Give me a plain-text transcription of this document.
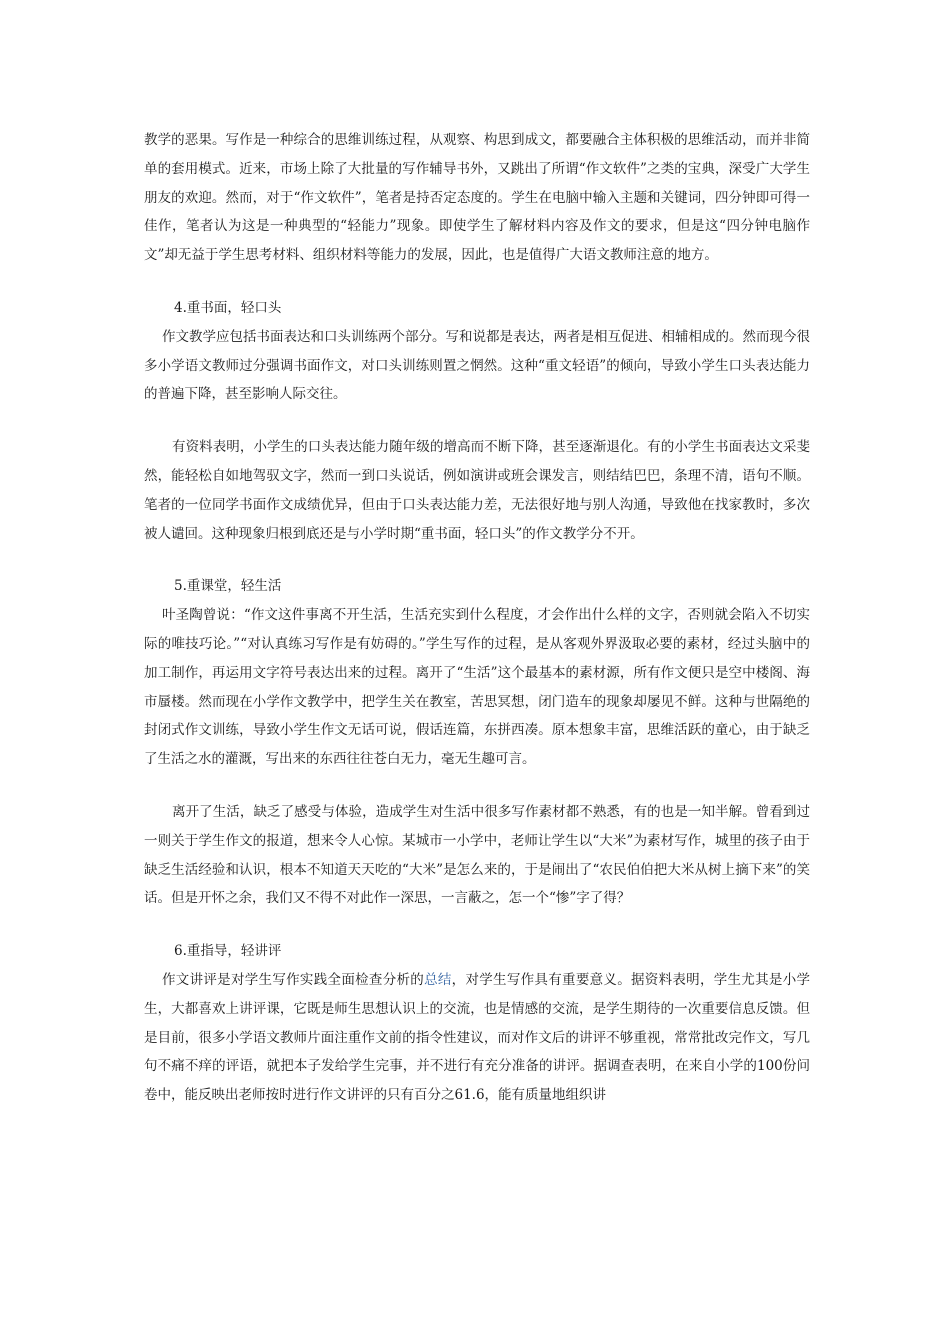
教学的恶果。写作是一种综合的思维训练过程，从观察、构思到成文，都要融合主体积极的思维活动，而并非简单的套用模式。近来，市场上除了大批量的写作辅导书外，又跳出了所谓“作文软件”之类的宝典，深受广大学生朋友的欢迎。然而，对于“作文软件”，笔者是持否定态度的。学生在电脑中输入主题和关键词，四分钟即可得一佳作，笔者认为这是一种典型的“轻能力”现象。即使学生了解材料内容及作文的要求，但是这“四分钟电脑作文”却无益于学生思考材料、组织材料等能力的发展，因此，也是值得广大语文教师注意的地方。

4.重书面，轻口头

作文教学应包括书面表达和口头训练两个部分。写和说都是表达，两者是相互促进、相辅相成的。然而现今很多小学语文教师过分强调书面作文，对口头训练则置之惘然。这种“重文轻语”的倾向，导致小学生口头表达能力的普遍下降，甚至影响人际交往。

有资料表明，小学生的口头表达能力随年级的增高而不断下降，甚至逐渐退化。有的小学生书面表达文采斐然，能轻松自如地驾驭文字，然而一到口头说话，例如演讲或班会课发言，则结结巴巴，条理不清，语句不顺。笔者的一位同学书面作文成绩优异，但由于口头表达能力差，无法很好地与别人沟通，导致他在找家教时，多次被人谴回。这种现象归根到底还是与小学时期“重书面，轻口头”的作文教学分不开。

5.重课堂，轻生活

叶圣陶曾说：“作文这件事离不开生活，生活充实到什么程度，才会作出什么样的文字，否则就会陷入不切实际的唯技巧论。”“对认真练习写作是有妨碍的。”学生写作的过程，是从客观外界汲取必要的素材，经过头脑中的加工制作，再运用文字符号表达出来的过程。离开了“生活”这个最基本的素材源，所有作文便只是空中楼阁、海市蜃楼。然而现在小学作文教学中，把学生关在教室，苦思冥想，闭门造车的现象却屡见不鲜。这种与世隔绝的封闭式作文训练，导致小学生作文无话可说，假话连篇，东拼西凑。原本想象丰富，思维活跃的童心，由于缺乏了生活之水的灌溉，写出来的东西往往苍白无力，毫无生趣可言。

离开了生活，缺乏了感受与体验，造成学生对生活中很多写作素材都不熟悉，有的也是一知半解。曾看到过一则关于学生作文的报道，想来令人心惊。某城市一小学中，老师让学生以“大米”为素材写作，城里的孩子由于缺乏生活经验和认识，根本不知道天天吃的“大米”是怎么来的，于是闹出了“农民伯伯把大米从树上摘下来”的笑话。但是开怀之余，我们又不得不对此作一深思，一言蔽之，怎一个“惨”字了得？

6.重指导，轻讲评

作文讲评是对学生写作实践全面检查分析的总结，对学生写作具有重要意义。据资料表明，学生尤其是小学生，大都喜欢上讲评课，它既是师生思想认识上的交流，也是情感的交流，是学生期待的一次重要信息反馈。但是目前，很多小学语文教师片面注重作文前的指令性建议，而对作文后的讲评不够重视，常常批改完作文，写几句不痛不痒的评语，就把本子发给学生完事，并不进行有充分准备的讲评。据调查表明，在来自小学的100份问卷中，能反映出老师按时进行作文讲评的只有百分之61.6，能有质量地组织讲
